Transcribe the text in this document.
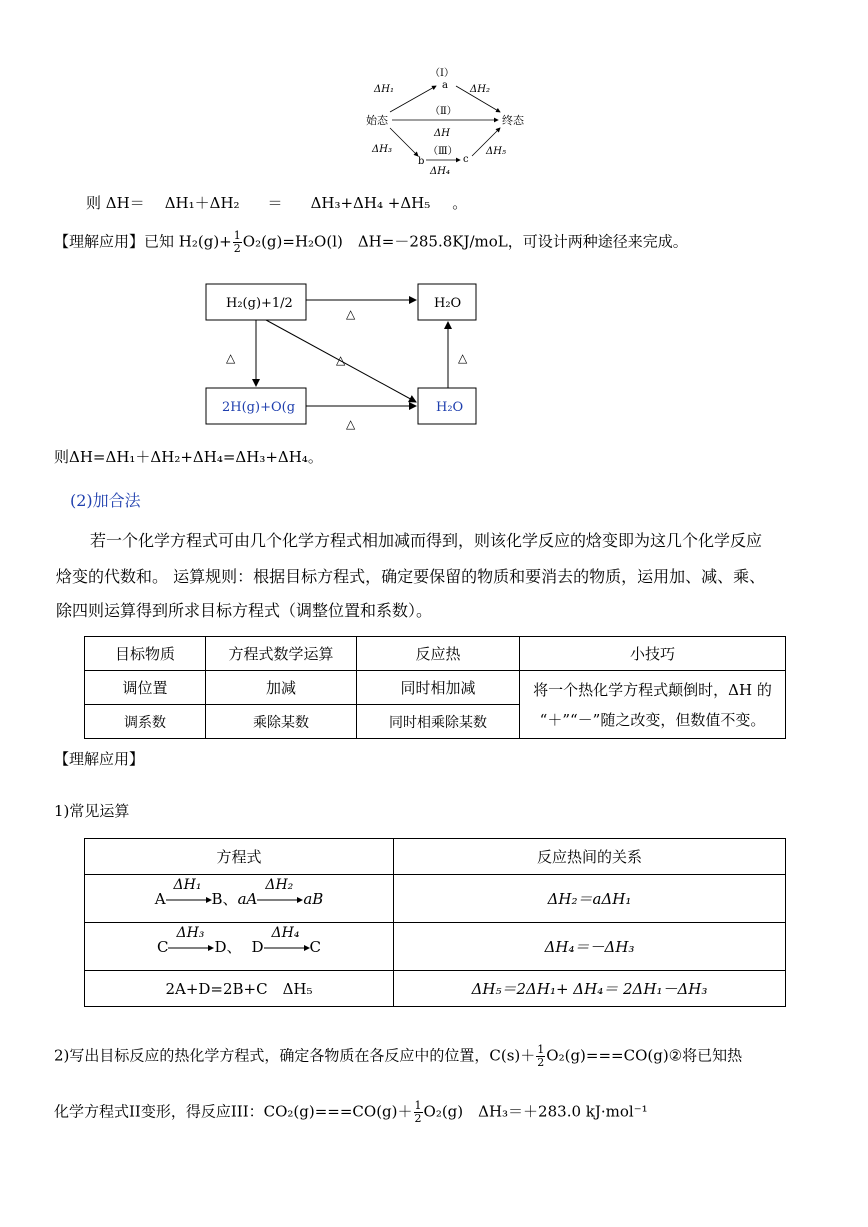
（Ⅰ）
a
ΔH₁	ΔH₂
（Ⅱ）
始态	终态
ΔH
ΔH₃	（Ⅲ）
b	c
ΔH₄
ΔH₅
则 ΔH＝ ΔH₁＋ΔH₂ ＝ ΔH₃+ΔH₄ +ΔH₅ 。
【理解应用】已知 $H_2(g)+ \frac{1}{2} O_2(g)=H_2O(l)$　ΔH=－285.8KJ/moL，可设计两种途径来完成。
H₂(g)+1/2	H₂O
2H(g)+O(g	H₂O
△
△	△	△
△
则ΔH=ΔH₁＋ΔH₂+ΔH₄=ΔH₃+ΔH₄。
(2)加合法
若一个化学方程式可由几个化学方程式相加减而得到，则该化学反应的焓变即为这几个化学反应
焓变的代数和。 运算规则：根据目标方程式，确定要保留的物质和要消去的物质，运用加、减、乘、
除四则运算得到所求目标方程式（调整位置和系数）。
目标物质	方程式数学运算	反应热	小技巧
调位置	加减	同时相加减	将一个热化学方程式颠倒时，ΔH 的
“＋”“－”随之改变，但数值不变。

调系数	乘除某数	同时相乘除某数	
【理解应用】
1)常见运算
方程式	反应热间的关系
A
ΔH₁
B、aA
ΔH₂
aB	ΔH₂＝aΔH₁
C
ΔH₃
D、 D
ΔH₄
C	ΔH₄＝－ΔH₃
2A+D=2B+C　ΔH₅	ΔH₅＝2ΔH₁+ ΔH₄＝ 2ΔH₁－ΔH₃
2)写出目标反应的热化学方程式，确定各物质在各反应中的位置，$C(s)+ \frac{1}{2}$ O₂(g)===CO(g)②将已知热
化学方程式II变形，得反应III：$CO_2(g)===CO(g)+ \frac{1}{2} O_2(g)$　ΔH₃＝＋283.0 kJ·mol⁻¹
